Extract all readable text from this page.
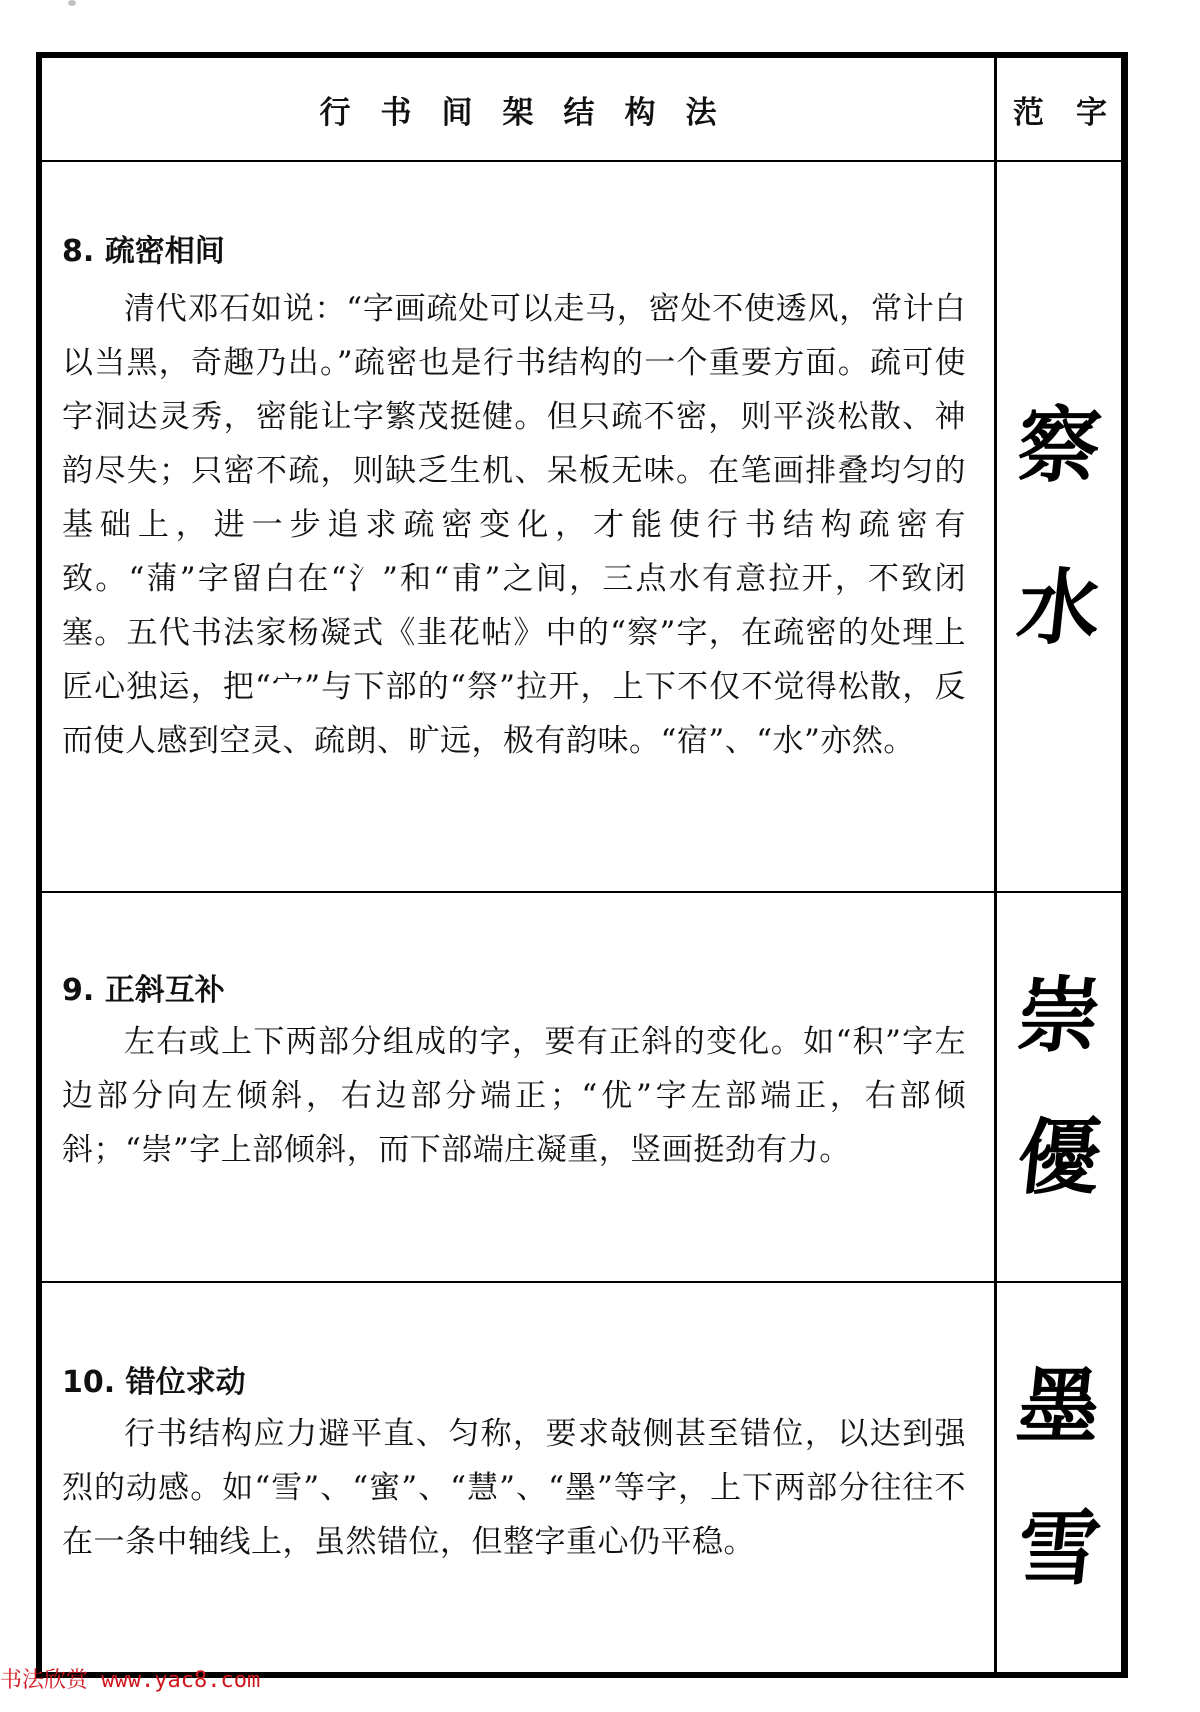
行书间架结构法	范 字
8. 疏密相间

清代邓石如说：“字画疏处可以走马，密处不使透风，常计白以当黑，奇趣乃出。”疏密也是行书结构的一个重要方面。疏可使字洞达灵秀，密能让字繁茂挺健。但只疏不密，则平淡松散、神韵尽失；只密不疏，则缺乏生机、呆板无味。在笔画排叠均匀的基础上，进一步追求疏密变化，才能使行书结构疏密有致。“蒲”字留白在“氵”和“甫”之间，三点水有意拉开，不致闭塞。五代书法家杨凝式《韭花帖》中的“察”字，在疏密的处理上匠心独运，把“宀”与下部的“祭”拉开，上下不仅不觉得松散，反而使人感到空灵、疏朗、旷远，极有韵味。“宿”、“水”亦然。

察
水
9. 正斜互补

左右或上下两部分组成的字，要有正斜的变化。如“积”字左边部分向左倾斜，右边部分端正；“优”字左部端正，右部倾斜；“崇”字上部倾斜，而下部端庄凝重，竖画挺劲有力。

崇
優
10. 错位求动

行书结构应力避平直、匀称，要求敧侧甚至错位，以达到强烈的动感。如“雪”、“蜜”、“慧”、“墨”等字，上下两部分往往不在一条中轴线上，虽然错位，但整字重心仍平稳。

墨
雪
书法欣赏 www.yac8.com
